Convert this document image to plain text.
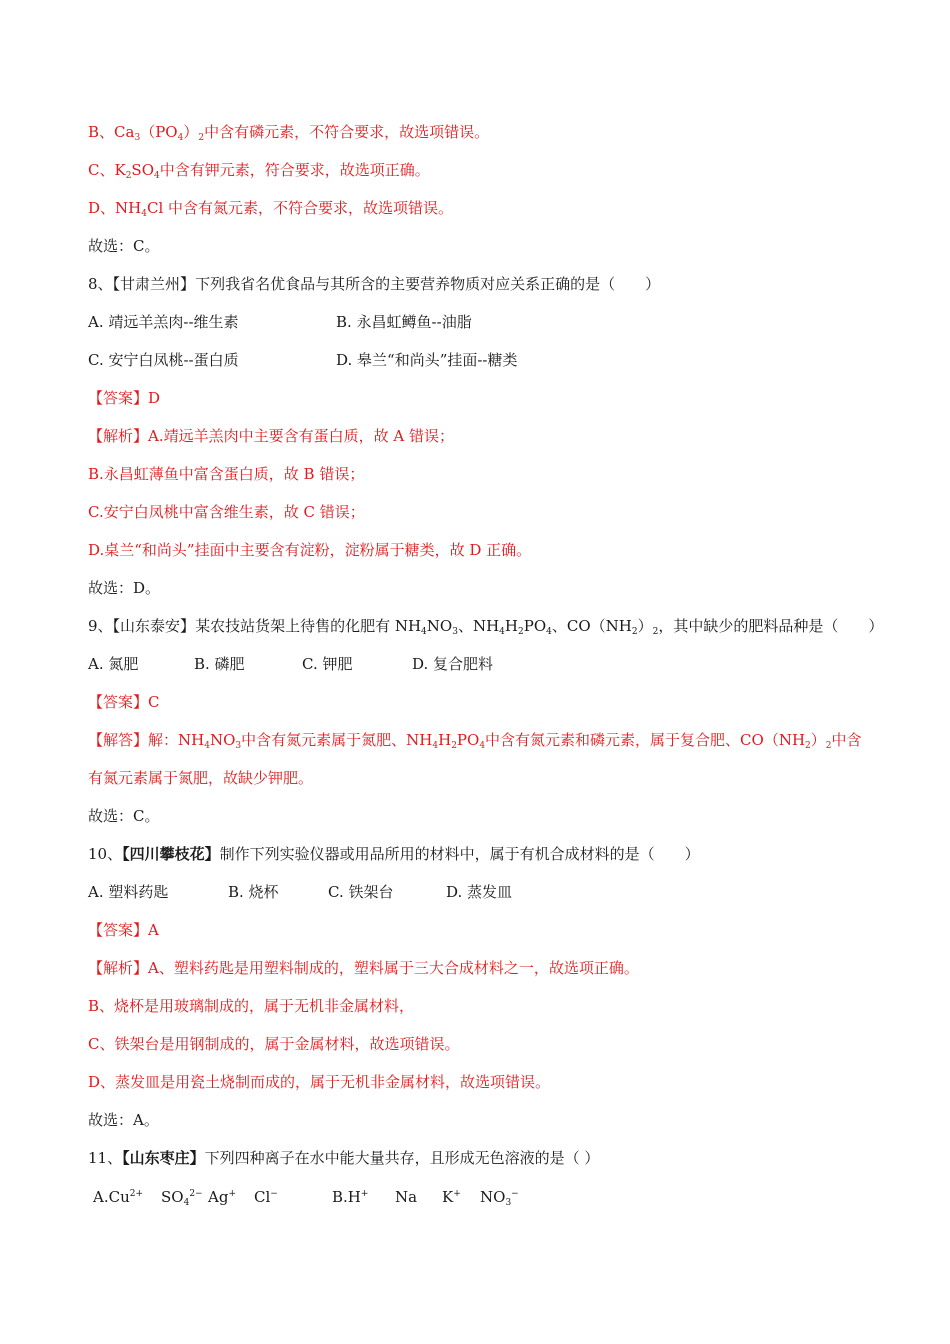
B、$Ca_3(PO_4)_2$中含有磷元素，不符合要求，故选项错误。
C、$K_2SO_4$中含有钾元素，符合要求，故选项正确。
D、$NH_4Cl$ 中含有氮元素，不符合要求，故选项错误。
故选：C。
8、【甘肃兰州】下列我省名优食品与其所含的主要营养物质对应关系正确的是（　　）
A. 靖远羊羔肉--维生素	B. 永昌虹鳟鱼--油脂
C. 安宁白凤桃--蛋白质	D. 皋兰“和尚头”挂面--糖类
【答案】D
【解析】A.靖远羊羔肉中主要含有蛋白质，故 A 错误；
B.永昌虹薄鱼中富含蛋白质，故 B 错误；
C.安宁白凤桃中富含维生素，故 C 错误；
D.桌兰“和尚头”挂面中主要含有淀粉，淀粉属于糖类，故 D 正确。
故选：D。
9、【山东泰安】某农技站货架上待售的化肥有 $NH_4NO_3$、$NH_4H_2PO_4$、$CO(NH_2)_2$，其中缺少的肥料品种是（　　）
A. 氮肥	B. 磷肥	C. 钾肥	D. 复合肥料
【答案】C
【解答】解：$NH_4NO_3$中含有氮元素属于氮肥、$NH_4H_2PO_4$中含有氮元素和磷元素，属于复合肥、$CO(NH_2)_2$中含
有氮元素属于氮肥，故缺少钾肥。
故选：C。
10、【四川攀枝花】制作下列实验仪器或用品所用的材料中，属于有机合成材料的是（　　）
A. 塑料药匙	B. 烧杯	C. 铁架台	D. 蒸发皿
【答案】A
【解析】A、塑料药匙是用塑料制成的，塑料属于三大合成材料之一，故选项正确。
B、烧杯是用玻璃制成的，属于无机非金属材料，
C、铁架台是用钢制成的，属于金属材料，故选项错误。
D、蒸发皿是用瓷土烧制而成的，属于无机非金属材料，故选项错误。
故选：A。
11、【山东枣庄】下列四种离子在水中能大量共存，且形成无色溶液的是（ ）
$A.Cu^{2+}$ $SO_4^{2-}$ Ag+ Cl−	B.H+ Na K+ $NO_3^-$
